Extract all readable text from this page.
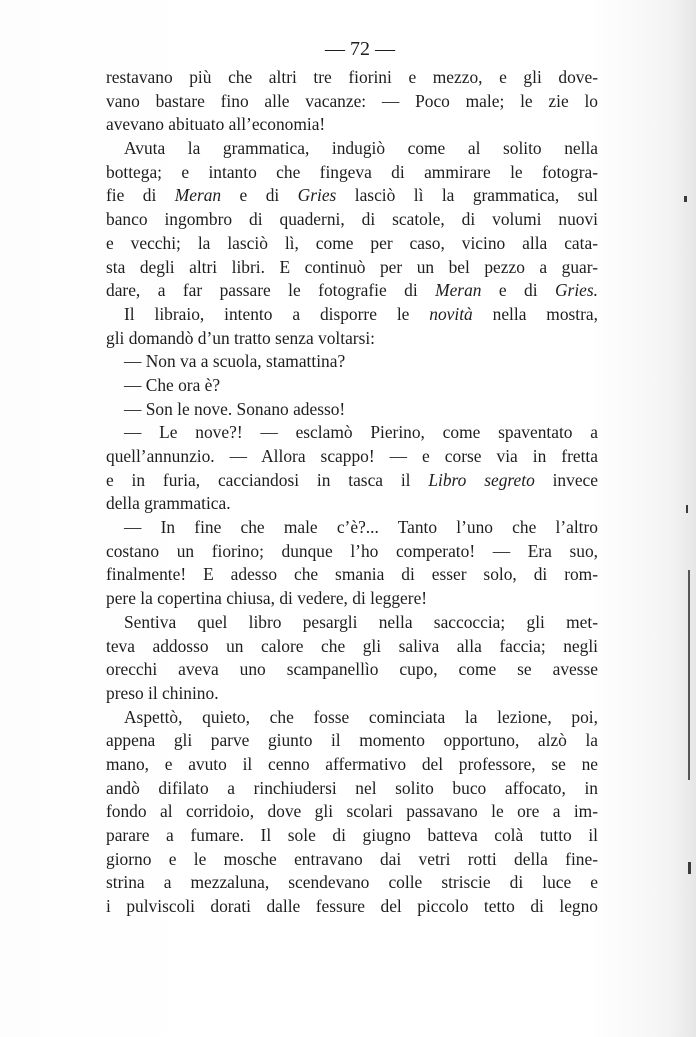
— 72 —
restavano più che altri tre fiorini e mezzo, e gli dove-
vano bastare fino alle vacanze: — Poco male; le zie lo
avevano abituato all’economia!
Avuta la grammatica, indugiò come al solito nella
bottega; e intanto che fingeva di ammirare le fotogra-
fie di Meran e di Gries lasciò lì la grammatica, sul
banco ingombro di quaderni, di scatole, di volumi nuovi
e vecchi; la lasciò lì, come per caso, vicino alla cata-
sta degli altri libri. E continuò per un bel pezzo a guar-
dare, a far passare le fotografie di Meran e di Gries.
Il libraio, intento a disporre le novità nella mostra,
gli domandò d’un tratto senza voltarsi:
— Non va a scuola, stamattina?
— Che ora è?
— Son le nove. Sonano adesso!
— Le nove?! — esclamò Pierino, come spaventato a
quell’annunzio. — Allora scappo! — e corse via in fretta
e in furia, cacciandosi in tasca il Libro segreto invece
della grammatica.
— In fine che male c’è?... Tanto l’uno che l’altro
costano un fiorino; dunque l’ho comperato! — Era suo,
finalmente! E adesso che smania di esser solo, di rom-
pere la copertina chiusa, di vedere, di leggere!
Sentiva quel libro pesargli nella saccoccia; gli met-
teva addosso un calore che gli saliva alla faccia; negli
orecchi aveva uno scampanellìo cupo, come se avesse
preso il chinino.
Aspettò, quieto, che fosse cominciata la lezione, poi,
appena gli parve giunto il momento opportuno, alzò la
mano, e avuto il cenno affermativo del professore, se ne
andò difilato a rinchiudersi nel solito buco affocato, in
fondo al corridoio, dove gli scolari passavano le ore a im-
parare a fumare. Il sole di giugno batteva colà tutto il
giorno e le mosche entravano dai vetri rotti della fine-
strina a mezzaluna, scendevano colle striscie di luce e
i pulviscoli dorati dalle fessure del piccolo tetto di legno
